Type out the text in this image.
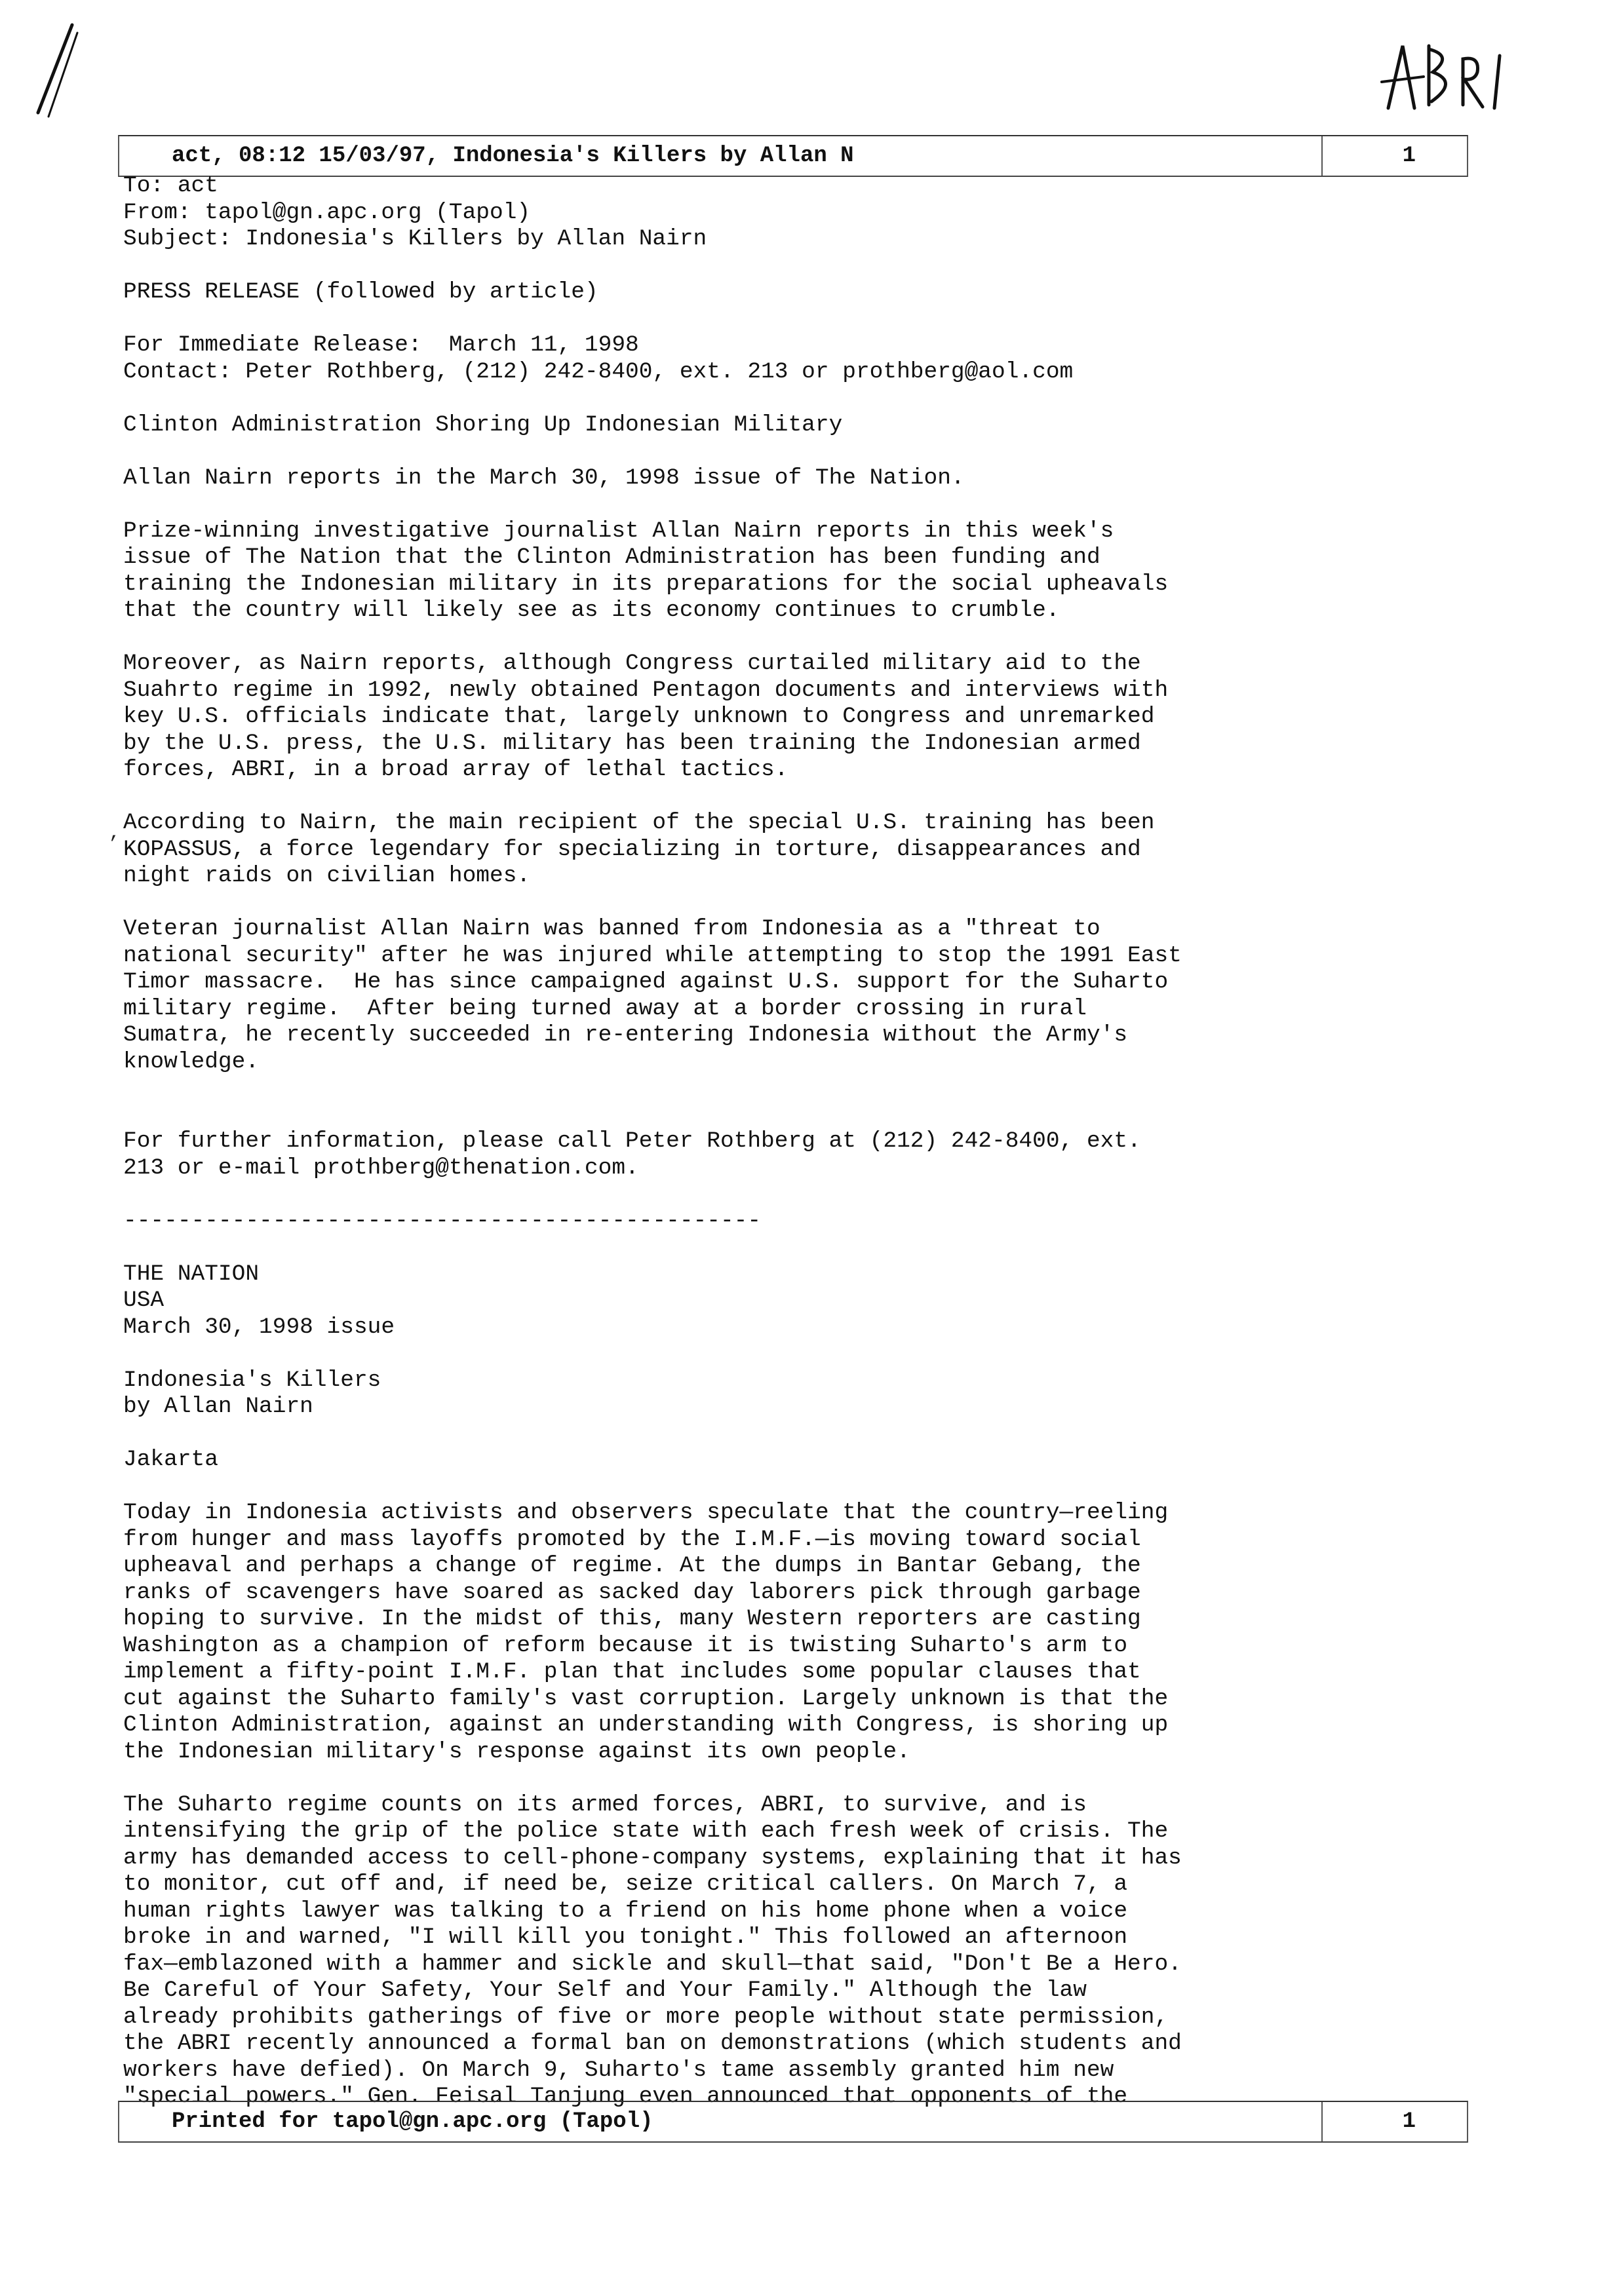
act, 08:12 15/03/97, Indonesia's Killers by Allan N	1
To: act
From: tapol@gn.apc.org (Tapol)
Subject: Indonesia's Killers by Allan Nairn
PRESS RELEASE (followed by article)
For Immediate Release:  March 11, 1998
Contact: Peter Rothberg, (212) 242-8400, ext. 213 or prothberg@aol.com
Clinton Administration Shoring Up Indonesian Military
Allan Nairn reports in the March 30, 1998 issue of The Nation.
Prize-winning investigative journalist Allan Nairn reports in this week's
issue of The Nation that the Clinton Administration has been funding and
training the Indonesian military in its preparations for the social upheavals
that the country will likely see as its economy continues to crumble.
Moreover, as Nairn reports, although Congress curtailed military aid to the
Suahrto regime in 1992, newly obtained Pentagon documents and interviews with
key U.S. officials indicate that, largely unknown to Congress and unremarked
by the U.S. press, the U.S. military has been training the Indonesian armed
forces, ABRI, in a broad array of lethal tactics.
According to Nairn, the main recipient of the special U.S. training has been
KOPASSUS, a force legendary for specializing in torture, disappearances and
night raids on civilian homes.
Veteran journalist Allan Nairn was banned from Indonesia as a "threat to
national security" after he was injured while attempting to stop the 1991 East
Timor massacre.  He has since campaigned against U.S. support for the Suharto
military regime.  After being turned away at a border crossing in rural
Sumatra, he recently succeeded in re-entering Indonesia without the Army's
knowledge.
For further information, please call Peter Rothberg at (212) 242-8400, ext.
213 or e-mail prothberg@thenation.com.
-----------------------------------------------
THE NATION
USA
March 30, 1998 issue
Indonesia's Killers
by Allan Nairn
Jakarta
Today in Indonesia activists and observers speculate that the country—reeling
from hunger and mass layoffs promoted by the I.M.F.—is moving toward social
upheaval and perhaps a change of regime. At the dumps in Bantar Gebang, the
ranks of scavengers have soared as sacked day laborers pick through garbage
hoping to survive. In the midst of this, many Western reporters are casting
Washington as a champion of reform because it is twisting Suharto's arm to
implement a fifty-point I.M.F. plan that includes some popular clauses that
cut against the Suharto family's vast corruption. Largely unknown is that the
Clinton Administration, against an understanding with Congress, is shoring up
the Indonesian military's response against its own people.
The Suharto regime counts on its armed forces, ABRI, to survive, and is
intensifying the grip of the police state with each fresh week of crisis. The
army has demanded access to cell-phone-company systems, explaining that it has
to monitor, cut off and, if need be, seize critical callers. On March 7, a
human rights lawyer was talking to a friend on his home phone when a voice
broke in and warned, "I will kill you tonight." This followed an afternoon
fax—emblazoned with a hammer and sickle and skull—that said, "Don't Be a Hero.
Be Careful of Your Safety, Your Self and Your Family." Although the law
already prohibits gatherings of five or more people without state permission,
the ABRI recently announced a formal ban on demonstrations (which students and
workers have defied). On March 9, Suharto's tame assembly granted him new
"special powers." Gen. Feisal Tanjung even announced that opponents of the
’
Printed for tapol@gn.apc.org (Tapol)	1
